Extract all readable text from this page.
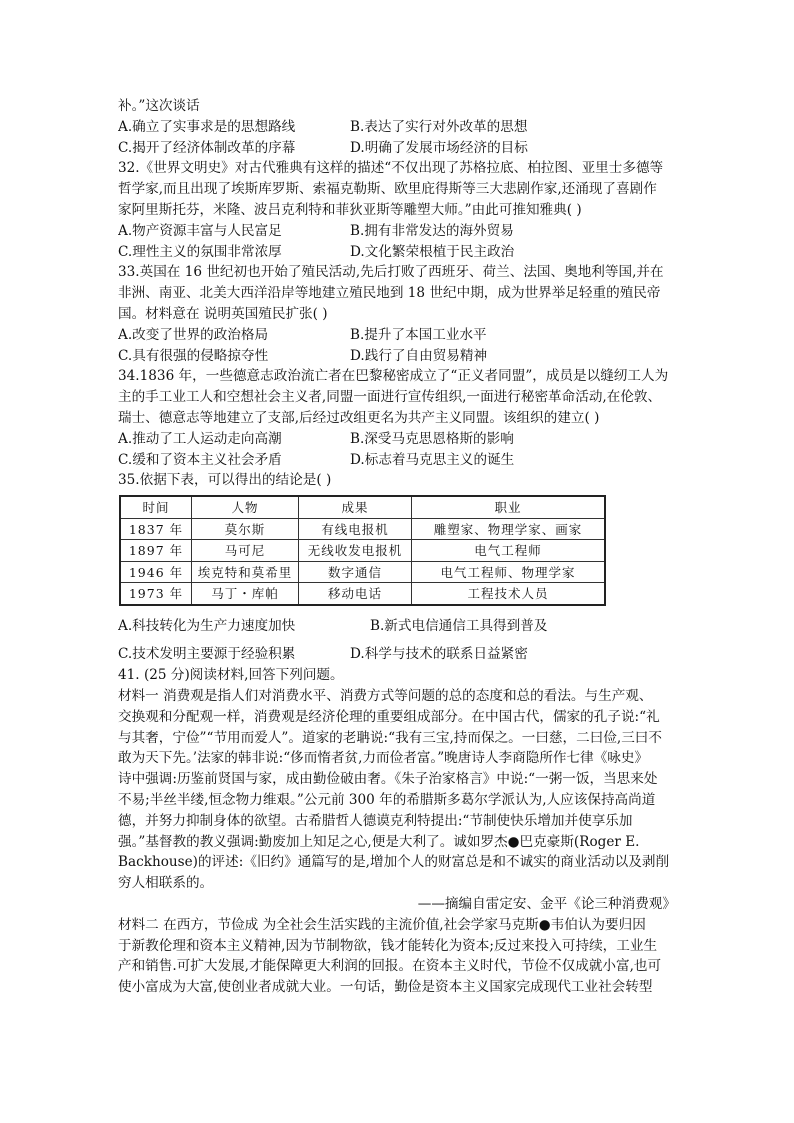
补。”这次谈话
A.确立了实事求是的思想路线	B.表达了实行对外改革的思想
C.揭开了经济体制改革的序幕	D.明确了发展市场经济的目标
32.《世界文明史》对古代雅典有这样的描述“不仅出现了苏格拉底、柏拉图、亚里士多德等
哲学家,而且出现了埃斯库罗斯、索福克勒斯、欧里庇得斯等三大悲剧作家,还涌现了喜剧作
家阿里斯托芬，米隆、波吕克利特和菲狄亚斯等雕塑大师。”由此可推知雅典( )
A.物产资源丰富与人民富足	B.拥有非常发达的海外贸易
C.理性主义的氛围非常浓厚	D.文化繁荣根植于民主政治
33.英国在 16 世纪初也开始了殖民活动,先后打败了西班牙、荷兰、法国、奥地利等国,并在
非洲、南亚、北美大西洋沿岸等地建立殖民地到 18 世纪中期，成为世界举足轻重的殖民帝
国。材料意在 说明英国殖民扩张( )
A.改变了世界的政治格局	B.提升了本国工业水平
C.具有很强的侵略掠夺性	D.践行了自由贸易精神
34.1836 年，一些德意志政治流亡者在巴黎秘密成立了“正义者同盟”，成员是以缝纫工人为
主的手工业工人和空想社会主义者,同盟一面进行宣传组织,一面进行秘密革命活动,在伦敦、
瑞士、德意志等地建立了支部,后经过改组更名为共产主义同盟。该组织的建立( )
A.推动了工人运动走向高潮	B.深受马克思恩格斯的影响
C.缓和了资本主义社会矛盾	D.标志着马克思主义的诞生
35.依据下表，可以得出的结论是( )
时间	人物	成果	职业
1837 年	莫尔斯	有线电报机	雕塑家、物理学家、画家
1897 年	马可尼	无线收发电报机	电气工程师
1946 年	埃克特和莫希里	数字通信	电气工程师、物理学家
1973 年	马丁・库帕	移动电话	工程技术人员
A.科技转化为生产力速度加快	B.新式电信通信工具得到普及
C.技术发明主要源于经验积累	D.科学与技术的联系日益紧密
41. (25 分)阅读材料,回答下列问题。
材料一 消费观是指人们对消费水平、消费方式等问题的总的态度和总的看法。与生产观、
交换观和分配观一样，消费观是经济伦理的重要组成部分。在中国古代，儒家的孔子说:“礼
与其奢，宁俭”“节用而爱人”。道家的老聃说:“我有三宝,持而保之。一曰慈，二曰俭,三曰不
敢为天下先。’法家的韩非说:“侈而惰者贫,力而俭者富。”晚唐诗人李商隐所作七律《咏史》
诗中强调:历鉴前贤国与家，成由勤俭破由奢。《朱子治家格言》中说:“一粥一饭，当思来处
不易;半丝半缕,恒念物力维艰。”公元前 300 年的希腊斯多葛尔学派认为,人应该保持高尚道
德，并努力抑制身体的欲望。古希腊哲人德谟克利特提出:“节制使快乐增加并使享乐加
强。”基督教的教义强调:勤废加上知足之心,便是大利了。诚如罗杰●巴克豪斯(Roger E.
Backhouse)的评述:《旧约》通篇写的是,增加个人的财富总是和不诚实的商业活动以及剥削
穷人相联系的。
——摘编自雷定安、金平《论三种消费观》
材料二 在西方，节俭成 为全社会生活实践的主流价值,社会学家马克斯●韦伯认为要归因
于新教伦理和资本主义精神,因为节制物欲，钱才能转化为资本;反过来投入可持续，工业生
产和销售.可扩大发展,才能保障更大利润的回报。在资本主义时代，节俭不仅成就小富,也可
使小富成为大富,使创业者成就大业。一句话，勤俭是资本主义国家完成现代工业社会转型
